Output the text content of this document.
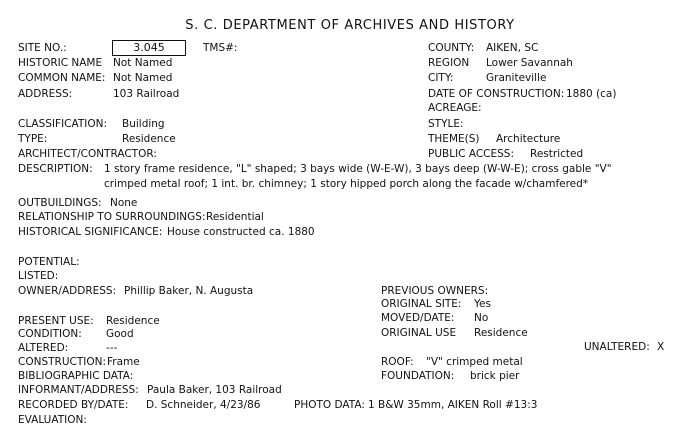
S. C. DEPARTMENT OF ARCHIVES AND HISTORY
SITE NO.:	3.045	TMS#:
HISTORIC NAME Not Named
COMMON NAME: Not Named
ADDRESS:	103 Railroad
COUNTY: AIKEN, SC
REGION Lower Savannah
CITY:	Graniteville
DATE OF CONSTRUCTION: 1880 (ca)
ACREAGE:
CLASSIFICATION: Building
TYPE:	Residence
ARCHITECT/CONTRACTOR:
STYLE:
THEME(S) Architecture
PUBLIC ACCESS: Restricted
DESCRIPTION: 1 story frame residence, "L" shaped; 3 bays wide (W-E-W), 3 bays deep (W-W-E); cross gable "V"
crimped metal roof; 1 int. br. chimney; 1 story hipped porch along the facade w/chamfered*
OUTBUILDINGS: None
RELATIONSHIP TO SURROUNDINGS: Residential
HISTORICAL SIGNIFICANCE: House constructed ca. 1880
POTENTIAL:
LISTED:
OWNER/ADDRESS: Phillip Baker, N. Augusta	PREVIOUS OWNERS:
ORIGINAL SITE: Yes
MOVED/DATE: No
ORIGINAL USE Residence
PRESENT USE: Residence
CONDITION: Good
ALTERED:	---	UNALTERED: X
CONSTRUCTION: Frame	ROOF: "V" crimped metal
BIBLIOGRAPHIC DATA:	FOUNDATION: brick pier
INFORMANT/ADDRESS: Paula Baker, 103 Railroad
RECORDED BY/DATE: D. Schneider, 4/23/86	PHOTO DATA: 1 B&W 35mm, AIKEN Roll #13:3
EVALUATION:
